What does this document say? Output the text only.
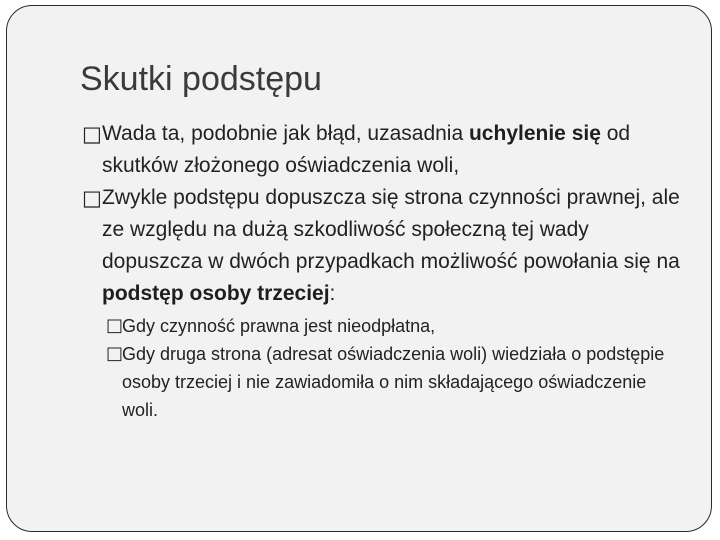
Skutki podstępu

□ Wada ta, podobnie jak błąd, uzasadnia uchylenie się od skutków złożonego oświadczenia woli,

□ Zwykle podstępu dopuszcza się strona czynności prawnej, ale ze względu na dużą szkodliwość społeczną tej wady dopuszcza w dwóch przypadkach możliwość powołania się na podstęp osoby trzeciej:

□
Gdy czynność prawna jest nieodpłatna,

□
Gdy druga strona (adresat oświadczenia woli) wiedziała o podstępie osoby trzeciej i nie zawiadomiła o nim składającego oświadczenie woli.
